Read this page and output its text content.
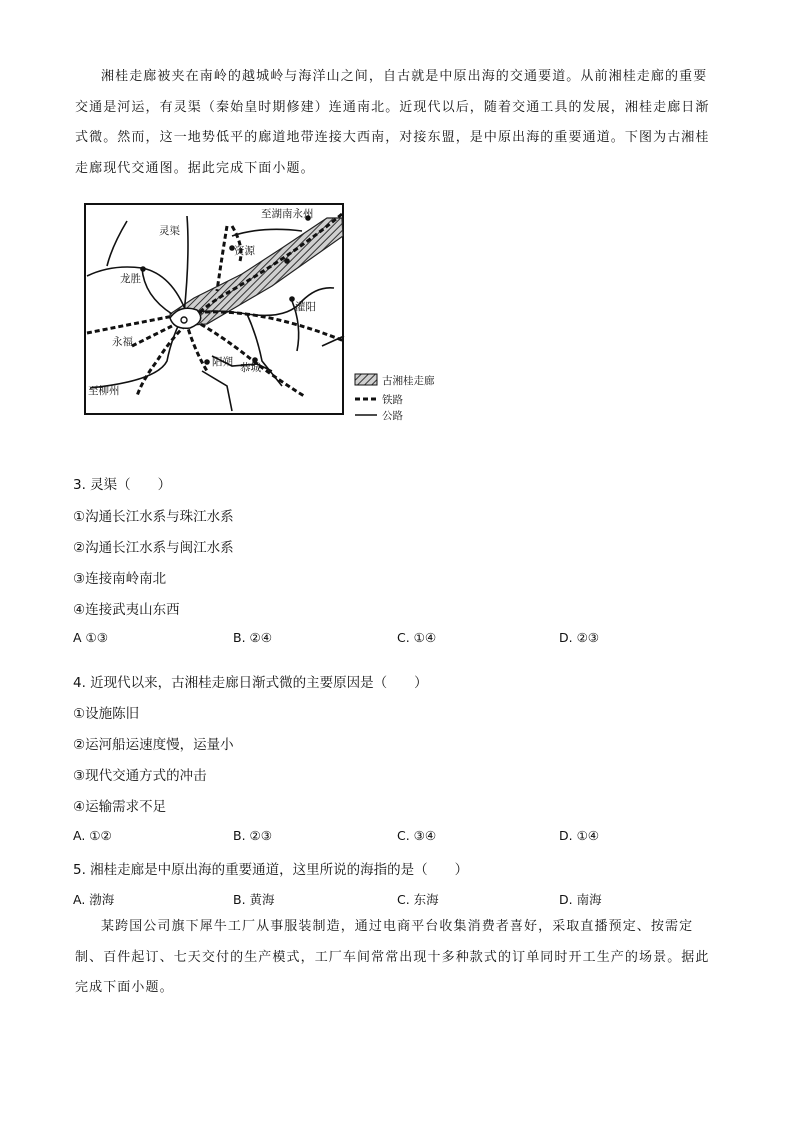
湘桂走廊被夹在南岭的越城岭与海洋山之间，自古就是中原出海的交通要道。从前湘桂走廊的重要交通是河运，有灵渠（秦始皇时期修建）连通南北。近现代以后，随着交通工具的发展，湘桂走廊日渐式微。然而，这一地势低平的廊道地带连接大西南，对接东盟，是中原出海的重要通道。下图为古湘桂走廊现代交通图。据此完成下面小题。

至湖南永州
灵渠
资源
龙胜
灌阳
永福
阳朔 恭城
至柳州
古湘桂走廊
铁路
公路
3. 灵渠（　　）
①沟通长江水系与珠江水系
②沟通长江水系与闽江水系
③连接南岭南北
④连接武夷山东西
A ①③	B. ②④	C. ①④	D. ②③
4. 近现代以来，古湘桂走廊日渐式微的主要原因是（　　）
①设施陈旧
②运河船运速度慢，运量小
③现代交通方式的冲击
④运输需求不足
A. ①②	B. ②③	C. ③④	D. ①④
5. 湘桂走廊是中原出海的重要通道，这里所说的海指的是（　　）
A. 渤海	B. 黄海	C. 东海	D. 南海

某跨国公司旗下犀牛工厂从事服装制造，通过电商平台收集消费者喜好，采取直播预定、按需定制、百件起订、七天交付的生产模式，工厂车间常常出现十多种款式的订单同时开工生产的场景。据此完成下面小题。
